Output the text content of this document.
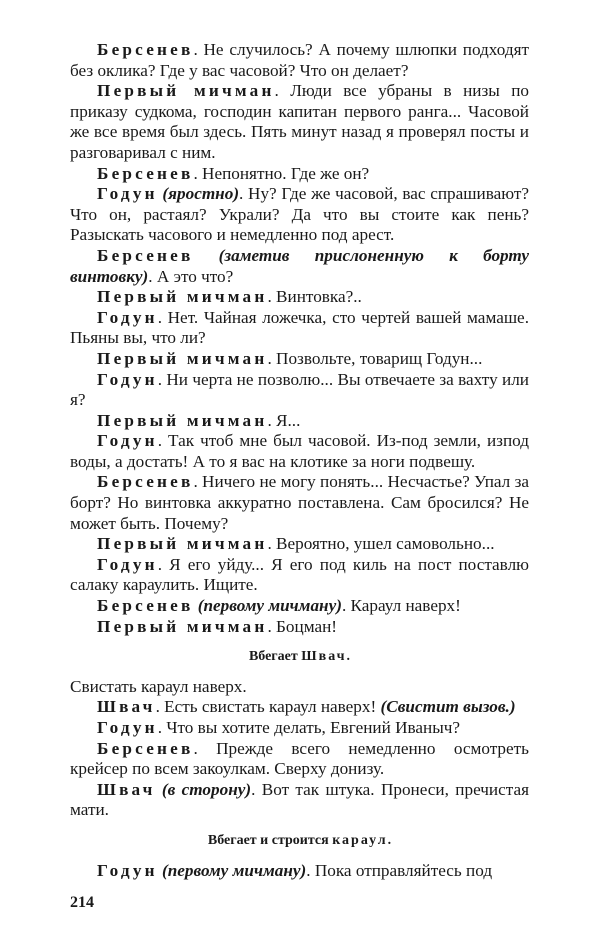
Берсенев. Не случилось? А почему шлюпки подходят без оклика? Где у вас часовой? Что он делает?

Первый мичман. Люди все убраны в низы по приказу судкома, господин капитан первого ранга... Часовой же все время был здесь. Пять минут назад я проверял посты и разговаривал с ним.

Берсенев. Непонятно. Где же он?

Годун (яростно). Ну? Где же часовой, вас спрашивают? Что он, растаял? Украли? Да что вы стоите как пень? Разыскать часового и немедленно под арест.

Берсенев (заметив прислоненную к борту винтовку). А это что?

Первый мичман. Винтовка?..

Годун. Нет. Чайная ложечка, сто чертей вашей мамаше. Пьяны вы, что ли?

Первый мичман. Позвольте, товарищ Годун...

Годун. Ни черта не позволю... Вы отвечаете за вахту или я?

Первый мичман. Я...

Годун. Так чтоб мне был часовой. Из-под земли, изпод воды, а достать! А то я вас на клотике за ноги подвешу.

Берсенев. Ничего не могу понять... Несчастье? Упал за борт? Но винтовка аккуратно поставлена. Сам бросился? Не может быть. Почему?

Первый мичман. Вероятно, ушел самовольно...

Годун. Я его уйду... Я его под киль на пост поставлю салаку караулить. Ищите.

Берсенев (первому мичману). Караул наверх!

Первый мичман. Боцман!

Вбегает Швач.

Свистать караул наверх.

Швач. Есть свистать караул наверх! (Свистит вызов.)

Годун. Что вы хотите делать, Евгений Иваныч?

Берсенев. Прежде всего немедленно осмотреть крейсер по всем закоулкам. Сверху донизу.

Швач (в сторону). Вот так штука. Пронеси, пречистая мати.

Вбегает и строится караул.

Годун (первому мичману). Пока отправляйтесь под

214
